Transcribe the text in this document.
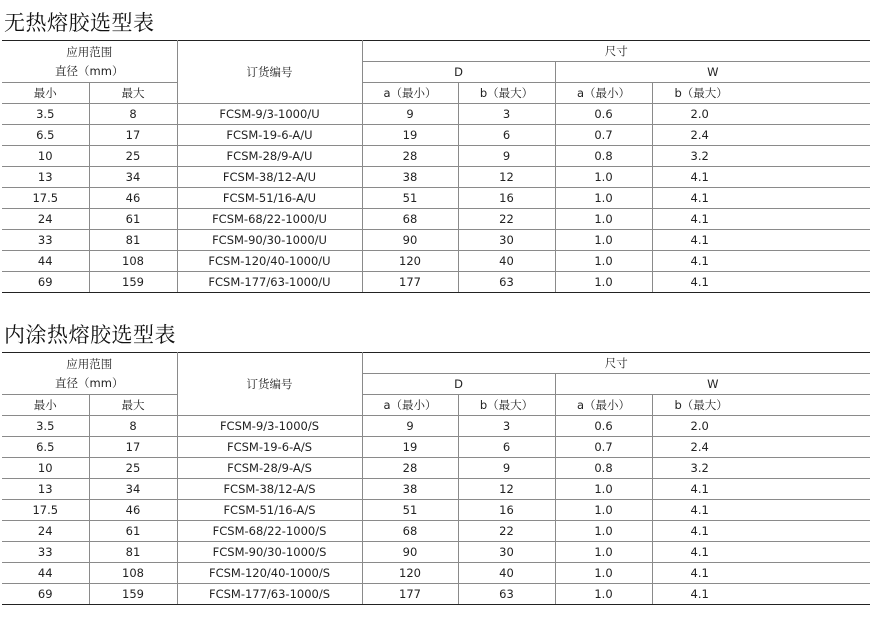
无热熔胶选型表
应用范围
直径（mm）		订货编号	尺寸			
			D		W	
最小	最大		a（最小）	b（最大）	a（最小）	b（最大）
3.5	8	FCSM-9/3-1000/U	9	3	0.6	2.0
6.5	17	FCSM-19-6-A/U	19	6	0.7	2.4
10	25	FCSM-28/9-A/U	28	9	0.8	3.2
13	34	FCSM-38/12-A/U	38	12	1.0	4.1
17.5	46	FCSM-51/16-A/U	51	16	1.0	4.1
24	61	FCSM-68/22-1000/U	68	22	1.0	4.1
33	81	FCSM-90/30-1000/U	90	30	1.0	4.1
44	108	FCSM-120/40-1000/U	120	40	1.0	4.1
69	159	FCSM-177/63-1000/U	177	63	1.0	4.1
内涂热熔胶选型表
应用范围
直径（mm）		订货编号	尺寸			
			D		W	
最小	最大		a（最小）	b（最大）	a（最小）	b（最大）
3.5	8	FCSM-9/3-1000/S	9	3	0.6	2.0
6.5	17	FCSM-19-6-A/S	19	6	0.7	2.4
10	25	FCSM-28/9-A/S	28	9	0.8	3.2
13	34	FCSM-38/12-A/S	38	12	1.0	4.1
17.5	46	FCSM-51/16-A/S	51	16	1.0	4.1
24	61	FCSM-68/22-1000/S	68	22	1.0	4.1
33	81	FCSM-90/30-1000/S	90	30	1.0	4.1
44	108	FCSM-120/40-1000/S	120	40	1.0	4.1
69	159	FCSM-177/63-1000/S	177	63	1.0	4.1
